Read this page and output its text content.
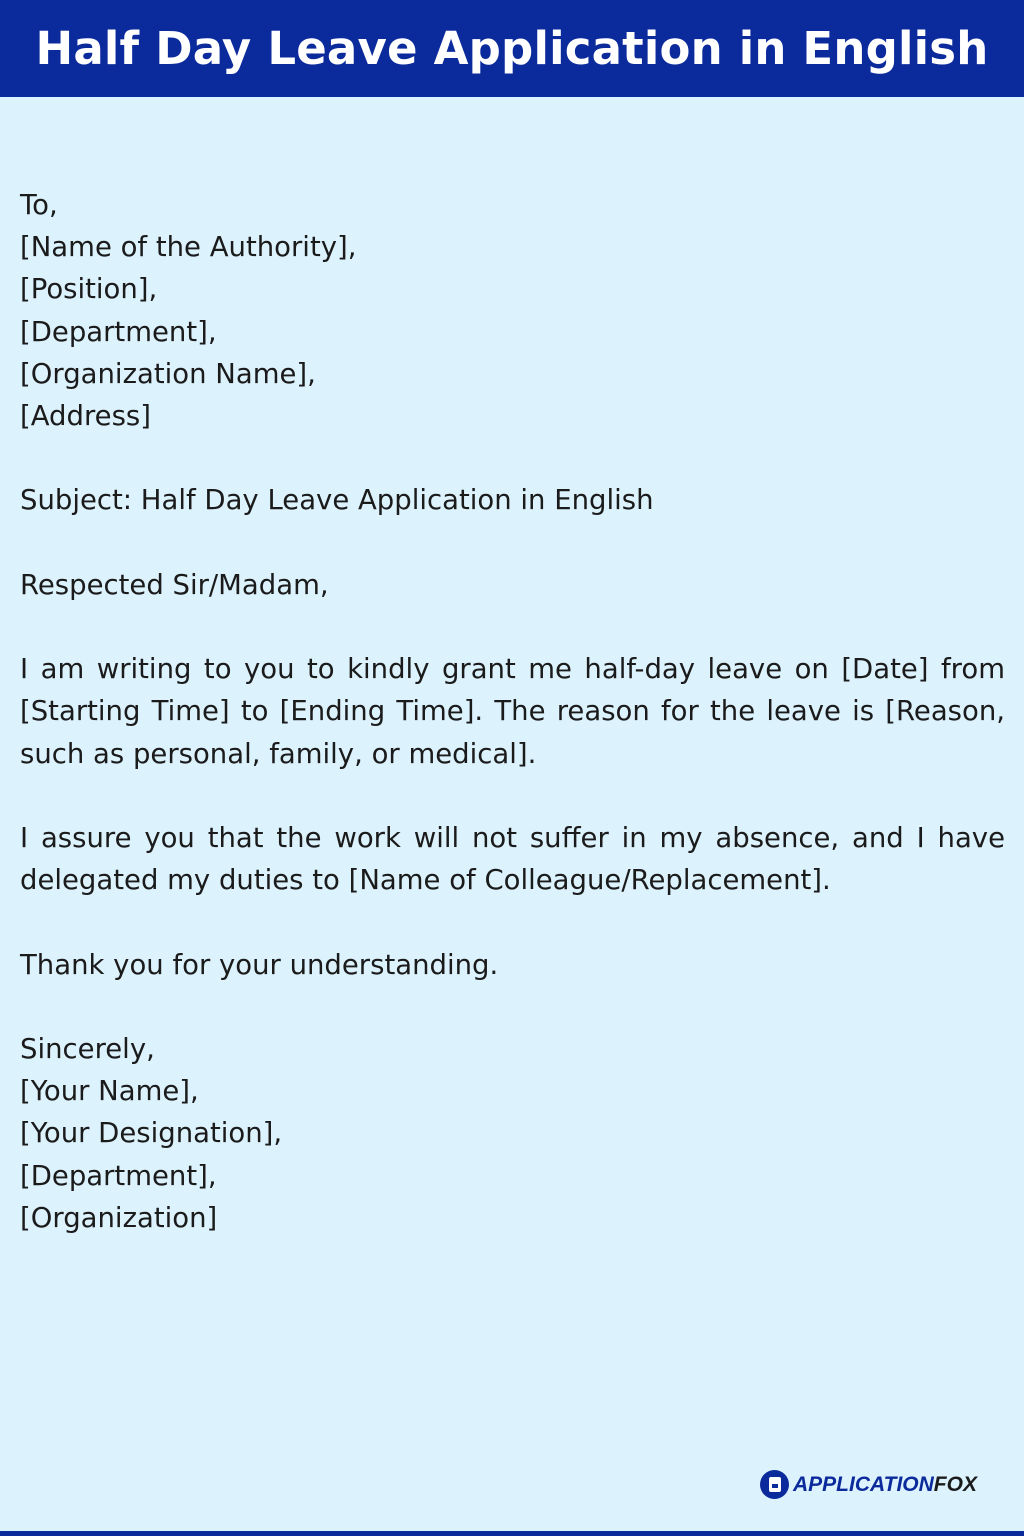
Half Day Leave Application in English

To,
[Name of the Authority],
[Position],
[Department],
[Organization Name],
[Address]

Subject: Half Day Leave Application in English

Respected Sir/Madam,

I am writing to you to kindly grant me half-day leave on [Date] from [Starting Time] to [Ending Time]. The reason for the leave is [Reason, such as personal, family, or medical].

I assure you that the work will not suffer in my absence, and I have delegated my duties to [Name of Colleague/Replacement].

Thank you for your understanding.

Sincerely,
[Your Name],
[Your Designation],
[Department],
[Organization]

APPLICATION FOX
